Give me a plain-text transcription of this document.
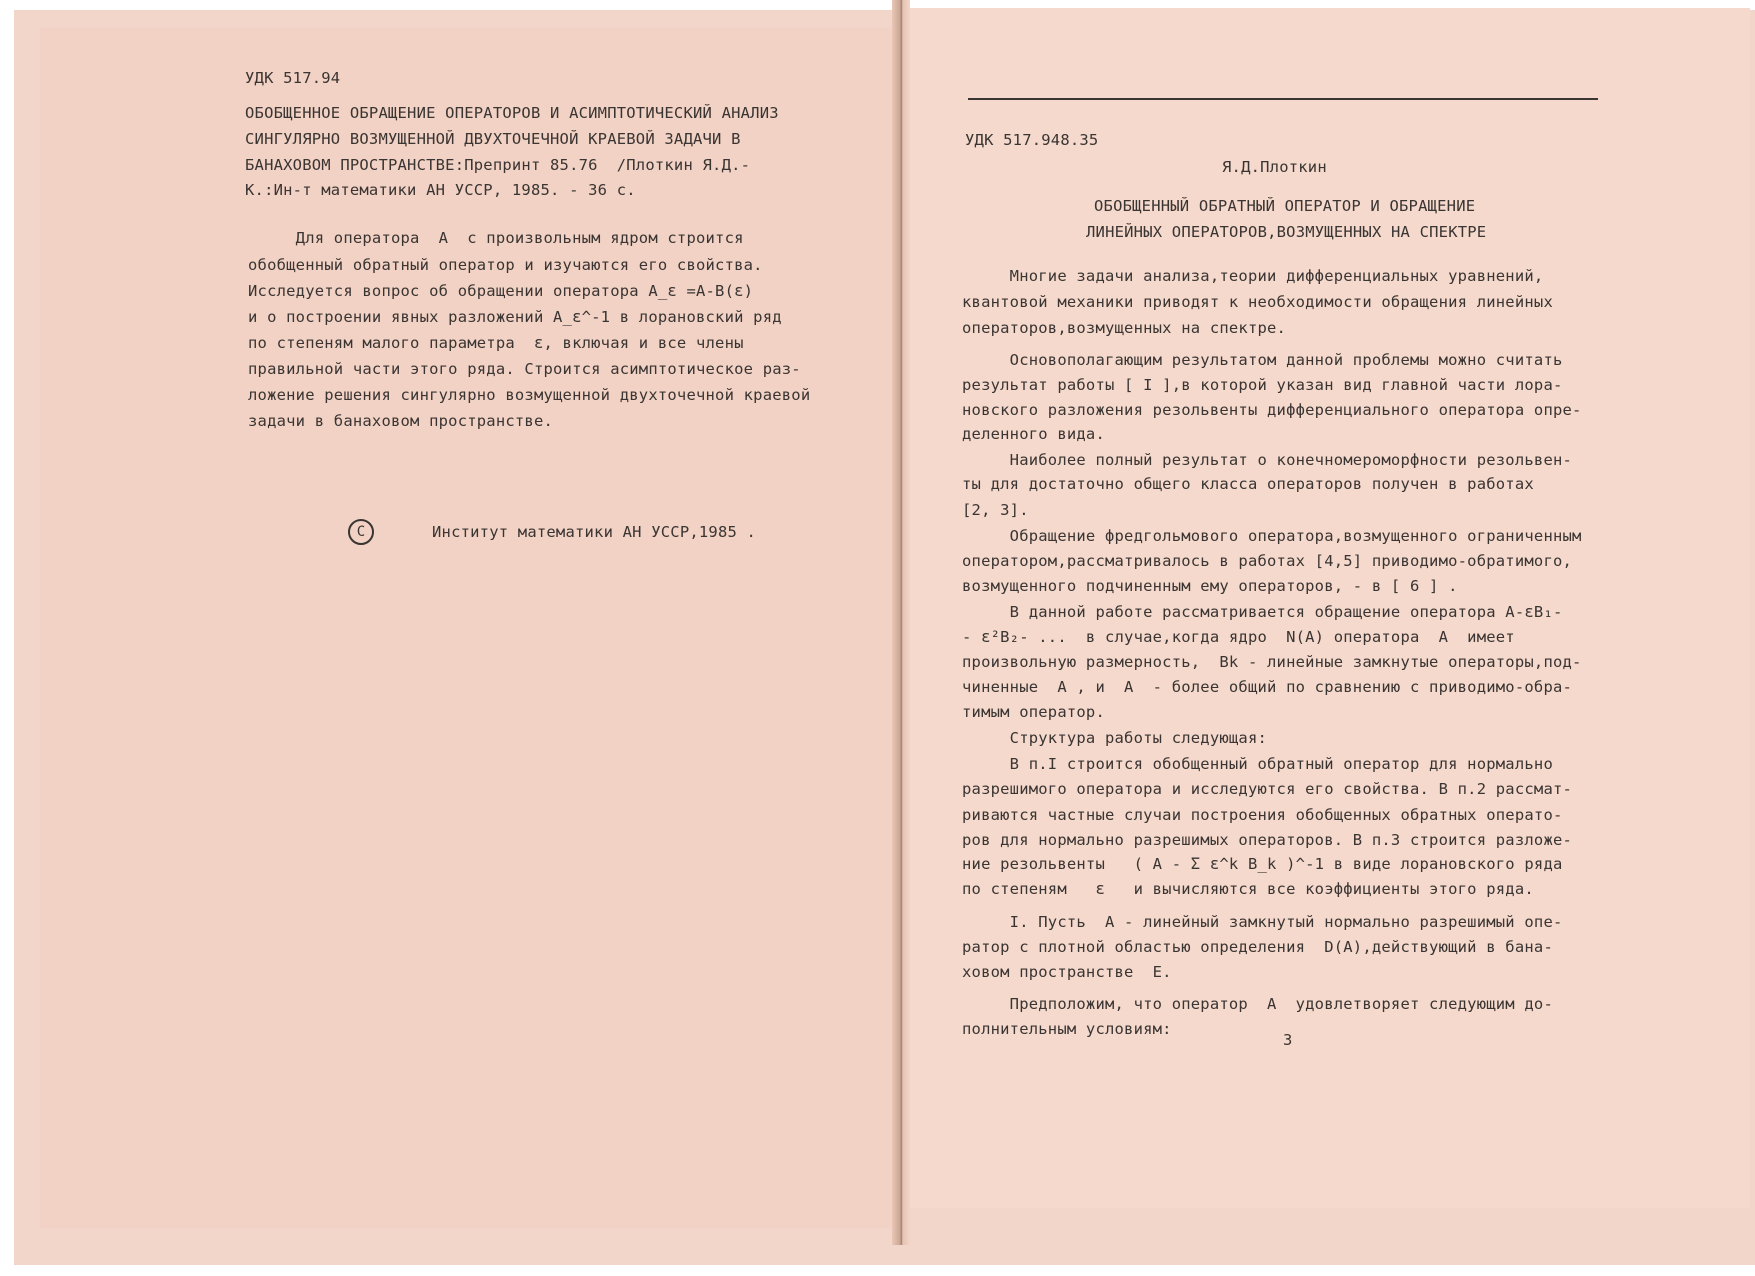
УДК 517.94
ОБОБЩЕННОЕ ОБРАЩЕНИЕ ОПЕРАТОРОВ И АСИМПТОТИЧЕСКИЙ АНАЛИЗ
СИНГУЛЯРНО ВОЗМУЩЕННОЙ ДВУХТОЧЕЧНОЙ КРАЕВОЙ ЗАДАЧИ В
БАНАХОВОМ ПРОСТРАНСТВЕ:Препринт 85.76  /Плоткин Я.Д.-
К.:Ин-т математики АН УССР, 1985. - 36 с.
Для оператора  A  с произвольным ядром строится
обобщенный обратный оператор и изучаются его свойства.
Исследуется вопрос об обращении оператора A_ε =A-B(ε)
и о построении явных разложений A_ε^-1 в лорановский ряд
по степеням малого параметра  ε, включая и все члены
правильной части этого ряда. Строится асимптотическое раз-
ложение решения сингулярно возмущенной двухточечной краевой
задачи в банаховом пространстве.
C	Институт математики АН УССР,1985 .
УДК 517.948.35
Я.Д.Плоткин
ОБОБЩЕННЫЙ ОБРАТНЫЙ ОПЕРАТОР И ОБРАЩЕНИЕ
ЛИНЕЙНЫХ ОПЕРАТОРОВ,ВОЗМУЩЕННЫХ НА СПЕКТРЕ
Многие задачи анализа,теории дифференциальных уравнений,
квантовой механики приводят к необходимости обращения линейных
операторов,возмущенных на спектре.
Основополагающим результатом данной проблемы можно считать
результат работы [ I ],в которой указан вид главной части лора-
новского разложения резольвенты дифференциального оператора опре-
деленного вида.
Наиболее полный результат о конечномероморфности резольвен-
ты для достаточно общего класса операторов получен в работах
[2, 3].
Обращение фредгольмового оператора,возмущенного ограниченным
оператором,рассматривалось в работах [4,5] приводимо-обратимого,
возмущенного подчиненным ему операторов, - в [ 6 ] .
В данной работе рассматривается обращение оператора A-εB₁-
- ε²B₂- ...  в случае,когда ядро  N(A) оператора  A  имеет
произвольную размерность,  Bk - линейные замкнутые операторы,под-
чиненные  A , и  A  - более общий по сравнению с приводимо-обра-
тимым оператор.
Структура работы следующая:
В п.I строится обобщенный обратный оператор для нормально
разрешимого оператора и исследуются его свойства. В п.2 рассмат-
риваются частные случаи построения обобщенных обратных операто-
ров для нормально разрешимых операторов. В п.3 строится разложе-
ние резольвенты   ( A - Σ ε^k B_k )^-1 в виде лорановского ряда
по степеням   ε   и вычисляются все коэффициенты этого ряда.
I. Пусть  A - линейный замкнутый нормально разрешимый опе-
ратор с плотной областью определения  D(A),действующий в бана-
ховом пространстве  E.
Предположим, что оператор  A  удовлетворяет следующим до-
полнительным условиям:
3
